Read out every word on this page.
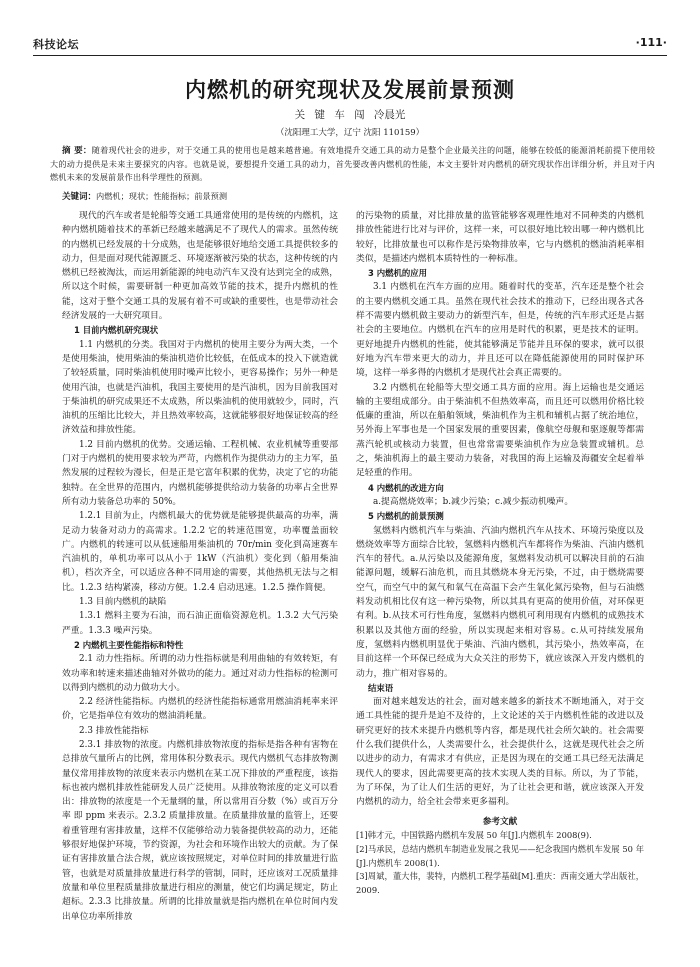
科技论坛	·111·
内燃机的研究现状及发展前景预测
关 键 车 闯 冷晨光
（沈阳理工大学，辽宁 沈阳 110159）
摘 要：随着现代社会的进步，对于交通工具的使用也是越来越普遍。有效地提升交通工具的动力是整个企业最关注的问题，能够在较低的能源消耗前提下使用较大的动力提供是未来主要探究的内容。也就是说，要想提升交通工具的动力，首先要改善内燃机的性能，本文主要针对内燃机的研究现状作出详细分析，并且对于内燃机未来的发展前景作出科学理性的预测。
关键词：内燃机；现状；性能指标；前景预测

现代的汽车或者是轮船等交通工具通常使用的是传统的内燃机，这种内燃机随着技术的革新已经越来越满足不了现代人的需求。虽然传统的内燃机已经发展的十分成熟，也是能够很好地给交通工具提供较多的动力，但是面对现代能源匮乏、环境逐渐被污染的状态，这种传统的内燃机已经被淘汰，而运用新能源的纯电动汽车又没有达到完全的成熟，所以这个时候，需要研制一种更加高效节能的技术，提升内燃机的性能，这对于整个交通工具的发展有着不可或缺的重要性，也是带动社会经济发展的一大研究项目。

1 目前内燃机研究现状

1.1 内燃机的分类。我国对于内燃机的使用主要分为两大类，一个是使用柴油，使用柴油的柴油机造价比较低，在低成本的投入下就造就了较轻质量，同时柴油机使用时噪声比较小，更容易操作；另外一种是使用汽油，也就是汽油机，我国主要使用的是汽油机，因为目前我国对于柴油机的研究成果还不太成熟，所以柴油机的使用就较少，同时，汽油机的压缩比比较大，并且热效率较高，这就能够很好地保证较高的经济效益和排放性能。

1.2 目前内燃机的优势。交通运输、工程机械、农业机械等重要部门对于内燃机的使用要求较为严苛，内燃机作为提供动力的主力军，虽然发展的过程较为漫长，但是正是它富年积累的优势，决定了它的功能独特。在全世界的范围内，内燃机能够提供给动力装备的功率占全世界所有动力装备总功率的 50%。

1.2.1 目前为止，内燃机最大的优势就是能够提供最高的功率，满足动力装备对动力的高需求。1.2.2 它的转速范围宽，功率覆盖面较广。内燃机的转速可以从低速船用柴油机的 70r/min 变化到高速赛车汽油机的，单机功率可以从小于 1kW（汽油机）变化到（船用柴油机），档次齐全，可以适应各种不同用途的需要，其他热机无法与之相比。1.2.3 结构紧凑，移动方便。1.2.4 启动迅速。1.2.5 操作简便。

1.3 目前内燃机的缺陷

1.3.1 燃料主要为石油，而石油正面临资源危机。1.3.2 大气污染严重。1.3.3 噪声污染。

2 内燃机主要性能指标和特性

2.1 动力性指标。所谓的动力性指标就是利用曲轴的有效转矩，有效功率和转速来描述曲轴对外做功的能力。通过对动力性指标的检测可以得到内燃机的动力做功大小。

2.2 经济性能指标。内燃机的经济性能指标通常用燃油消耗率来评价，它是指单位有效功的燃油消耗量。

2.3 排放性能指标

2.3.1 排放物的浓度。内燃机排放物浓度的指标是指各种有害物在总排放气量所占的比例，常用体积分数表示。现代内燃机气态排放物测量仪常用排放物的浓度来表示内燃机在某工况下排放的严重程度，该指标也被内燃机排放性能研发人员广泛使用。从排放物浓度的定义可以看出：排放物的浓度是一个无量纲的量，所以常用百分数（%）或百万分率 即 ppm 来表示。2.3.2 质量排放量。在质量排放量的监管上，还要着重管理有害排放量，这样不仅能够给动力装备提供较高的动力，还能够很好地保护环境，节约资源，为社会和环境作出较大的贡献。为了保证有害排放量合法合规，就应该按照规定，对单位时间的排放量进行监管，也就是对质量排放量进行科学的管制，同时，还应该对工况质量排放量和单位里程质量排放量进行相应的测量，使它们均满足规定，防止超标。2.3.3 比排放量。所谓的比排放量就是指内燃机在单位时间内发出单位功率所排放

的污染物的质量，对比排放量的监管能够客观理性地对不同种类的内燃机排放性能进行比对与评价，这样一来，可以很好地比较出哪一种内燃机比较好，比排放量也可以称作是污染物排放率，它与内燃机的燃油消耗率相类似，是描述内燃机本质特性的一种标准。

3 内燃机的应用

3.1 内燃机在汽车方面的应用。随着时代的变革，汽车还是整个社会的主要内燃机交通工具。虽然在现代社会技术的推动下，已经出现各式各样不需要内燃机做主要动力的新型汽车，但是，传统的汽车形式还是占据社会的主要地位。内燃机在汽车的应用是时代的积累，更是技术的证明。更好地提升内燃机的性能，使其能够满足节能并且环保的要求，就可以很好地为汽车带来更大的动力，并且还可以在降低能源使用的同时保护环境，这样一举多得的内燃机才是现代社会真正需要的。

3.2 内燃机在轮船等大型交通工具方面的应用。海上运输也是交通运输的主要组成部分。由于柴油机不但热效率高，而且还可以燃用价格比较低廉的重油，所以在船舶领域，柴油机作为主机和辅机占据了统治地位，另外海上军事也是一个国家发展的重要因素，像航空母舰和驱逐舰等都需蒸汽轮机或核动力装置，但也常常需要柴油机作为应急装置或辅机。总之，柴油机海上的最主要动力装备，对我国的海上运输及海疆安全起着举足轻重的作用。

4 内燃机的改进方向

a.提高燃烧效率；b.减少污染；c.减少振动机噪声。

5 内燃机的前景预测

氢燃料内燃机汽车与柴油、汽油内燃机汽车从技术、环境污染度以及燃烧效率等方面综合比较，氢燃料内燃机汽车都将作为柴油、汽油内燃机汽车的替代。a.从污染以及能源角度，氢燃料发动机可以解决目前的石油能源问题，缓解石油危机，而且其燃烧本身无污染，不过，由于燃烧需要空气，而空气中的氮气和氧气在高温下会产生氧化氮污染物，但与石油燃料发动机相比仅有这一种污染物，所以其具有更高的使用价值，对环保更有利。b.从技术可行性角度，氢燃料内燃机可利用现有内燃机的成熟技术积累以及其他方面的经验，所以实现起来相对容易。c.从可持续发展角度，氢燃料内燃机明显优于柴油、汽油内燃机，其污染小，热效率高，在目前这样一个环保已经成为大众关注的形势下，就应该深入开发内燃机的动力，推广相对容易的。

结束语

面对越来越发达的社会，面对越来越多的新技术不断地涌入，对于交通工具性能的提升是迫不及待的，上文论述的关于内燃机性能的改进以及研究更好的技术来提升内燃机等内容，都是现代社会所欠缺的。社会需要什么我们提供什么，人类需要什么，社会提供什么，这就是现代社会之所以进步的动力，有需求才有供应，正是因为现在的交通工具已经无法满足现代人的要求，因此需要更高的技术实现人类的目标。所以，为了节能，为了环保，为了让人们生活的更好，为了让社会更和谐，就应该深入开发内燃机的动力，给全社会带来更多福利。

参考文献

[1]韩才元，中国铁路内燃机车发展 50 年[J].内燃机车 2008(9).

[2]马承民，总结内燃机车制造业发展之我见——纪念我国内燃机车发展 50 年[J].内燃机车 2008(1).

[3]周斌，董大伟，裴特，内燃机工程学基础[M].重庆：西南交通大学出版社，2009.
